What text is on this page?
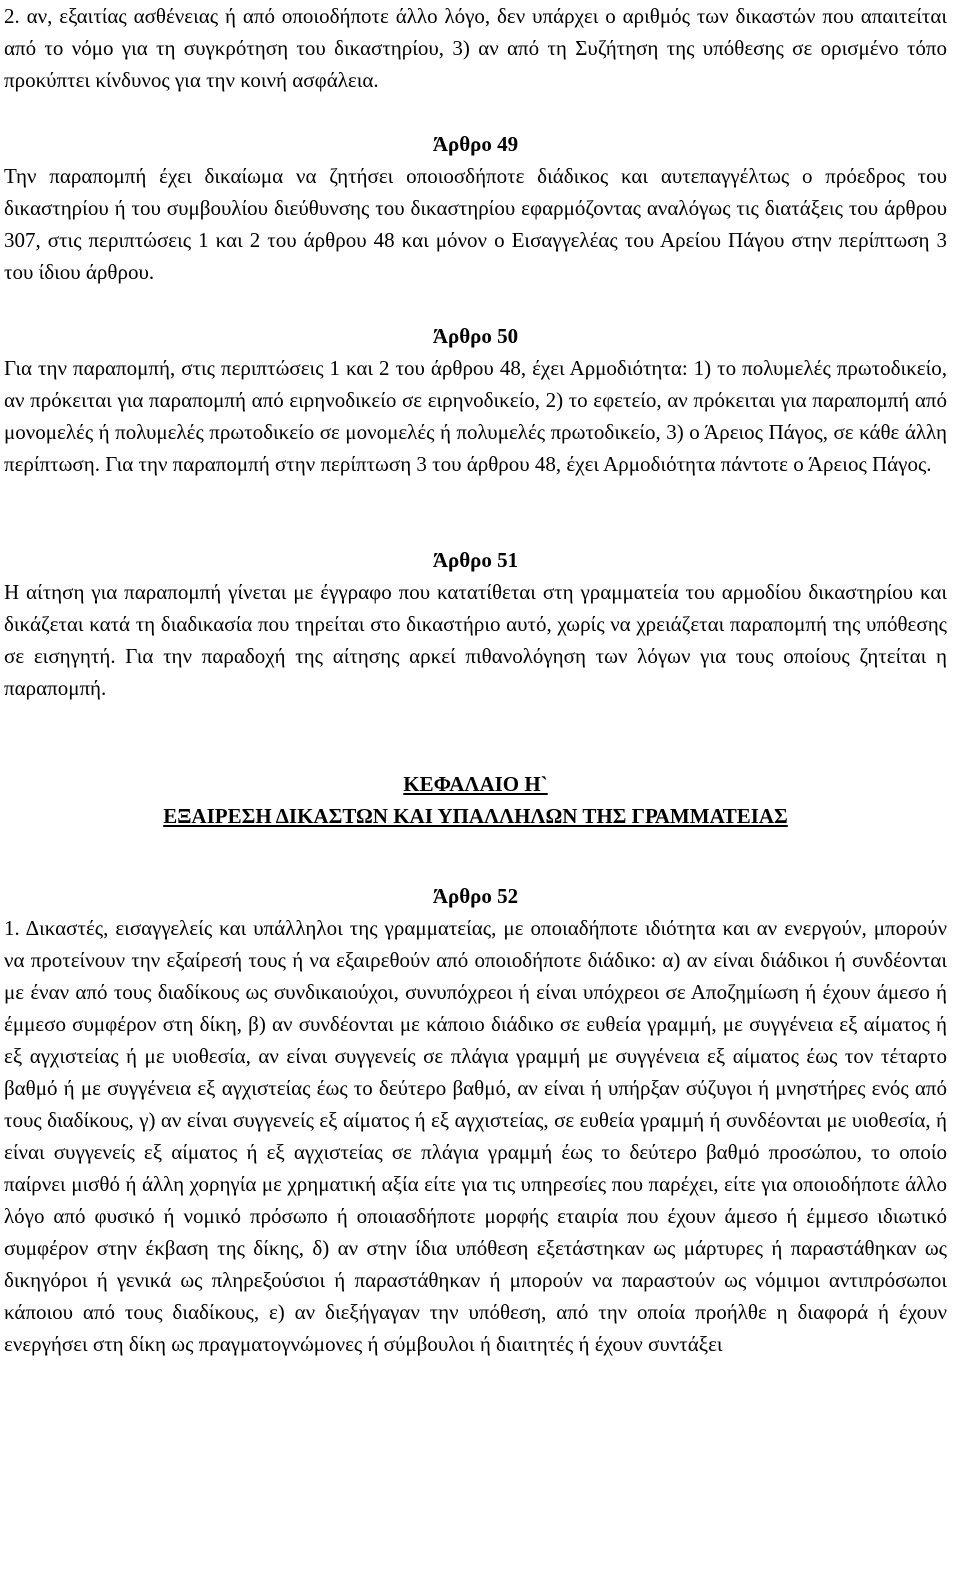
2. αν, εξαιτίας ασθένειας ή από οποιοδήποτε άλλο λόγο, δεν υπάρχει ο αριθμός των δικαστών που απαιτείται από το νόμο για τη συγκρότηση του δικαστηρίου, 3) αν από τη Συζήτηση της υπόθεσης σε ορισμένο τόπο προκύπτει κίνδυνος για την κοινή ασφάλεια.

Άρθρο 49

Την παραπομπή έχει δικαίωμα να ζητήσει οποιοσδήποτε διάδικος και αυτεπαγγέλτως ο πρόεδρος του δικαστηρίου ή του συμβουλίου διεύθυνσης του δικαστηρίου εφαρμόζοντας αναλόγως τις διατάξεις του άρθρου 307, στις περιπτώσεις 1 και 2 του άρθρου 48 και μόνον ο Εισαγγελέας του Αρείου Πάγου στην περίπτωση 3 του ίδιου άρθρου.

Άρθρο 50

Για την παραπομπή, στις περιπτώσεις 1 και 2 του άρθρου 48, έχει Αρμοδιότητα: 1) το πολυμελές πρωτοδικείο, αν πρόκειται για παραπομπή από ειρηνοδικείο σε ειρηνοδικείο, 2) το εφετείο, αν πρόκειται για παραπομπή από μονομελές ή πολυμελές πρωτοδικείο σε μονομελές ή πολυμελές πρωτοδικείο, 3) ο Άρειος Πάγος, σε κάθε άλλη περίπτωση. Για την παραπομπή στην περίπτωση 3 του άρθρου 48, έχει Αρμοδιότητα πάντοτε ο Άρειος Πάγος.

Άρθρο 51

Η αίτηση για παραπομπή γίνεται με έγγραφο που κατατίθεται στη γραμματεία του αρμοδίου δικαστηρίου και δικάζεται κατά τη διαδικασία που τηρείται στο δικαστήριο αυτό, χωρίς να χρειάζεται παραπομπή της υπόθεσης σε εισηγητή. Για την παραδοχή της αίτησης αρκεί πιθανολόγηση των λόγων για τους οποίους ζητείται η παραπομπή.

ΚΕΦΑΛΑΙΟ Η`

ΕΞΑΙΡΕΣΗ ΔΙΚΑΣΤΩΝ ΚΑΙ ΥΠΑΛΛΗΛΩΝ ΤΗΣ ΓΡΑΜΜΑΤΕΙΑΣ

Άρθρο 52

1. Δικαστές, εισαγγελείς και υπάλληλοι της γραμματείας, με οποιαδήποτε ιδιότητα και αν ενεργούν, μπορούν να προτείνουν την εξαίρεσή τους ή να εξαιρεθούν από οποιοδήποτε διάδικο: α) αν είναι διάδικοι ή συνδέονται με έναν από τους διαδίκους ως συνδικαιούχοι, συνυπόχρεοι ή είναι υπόχρεοι σε Αποζημίωση ή έχουν άμεσο ή έμμεσο συμφέρον στη δίκη, β) αν συνδέονται με κάποιο διάδικο σε ευθεία γραμμή, με συγγένεια εξ αίματος ή εξ αγχιστείας ή με υιοθεσία, αν είναι συγγενείς σε πλάγια γραμμή με συγγένεια εξ αίματος έως τον τέταρτο βαθμό ή με συγγένεια εξ αγχιστείας έως το δεύτερο βαθμό, αν είναι ή υπήρξαν σύζυγοι ή μνηστήρες ενός από τους διαδίκους, γ) αν είναι συγγενείς εξ αίματος ή εξ αγχιστείας, σε ευθεία γραμμή ή συνδέονται με υιοθεσία, ή είναι συγγενείς εξ αίματος ή εξ αγχιστείας σε πλάγια γραμμή έως το δεύτερο βαθμό προσώπου, το οποίο παίρνει μισθό ή άλλη χορηγία με χρηματική αξία είτε για τις υπηρεσίες που παρέχει, είτε για οποιοδήποτε άλλο λόγο από φυσικό ή νομικό πρόσωπο ή οποιασδήποτε μορφής εταιρία που έχουν άμεσο ή έμμεσο ιδιωτικό συμφέρον στην έκβαση της δίκης, δ) αν στην ίδια υπόθεση εξετάστηκαν ως μάρτυρες ή παραστάθηκαν ως δικηγόροι ή γενικά ως πληρεξούσιοι ή παραστάθηκαν ή μπορούν να παραστούν ως νόμιμοι αντιπρόσωποι κάποιου από τους διαδίκους, ε) αν διεξήγαγαν την υπόθεση, από την οποία προήλθε η διαφορά ή έχουν ενεργήσει στη δίκη ως πραγματογνώμονες ή σύμβουλοι ή διαιτητές ή έχουν συντάξει
